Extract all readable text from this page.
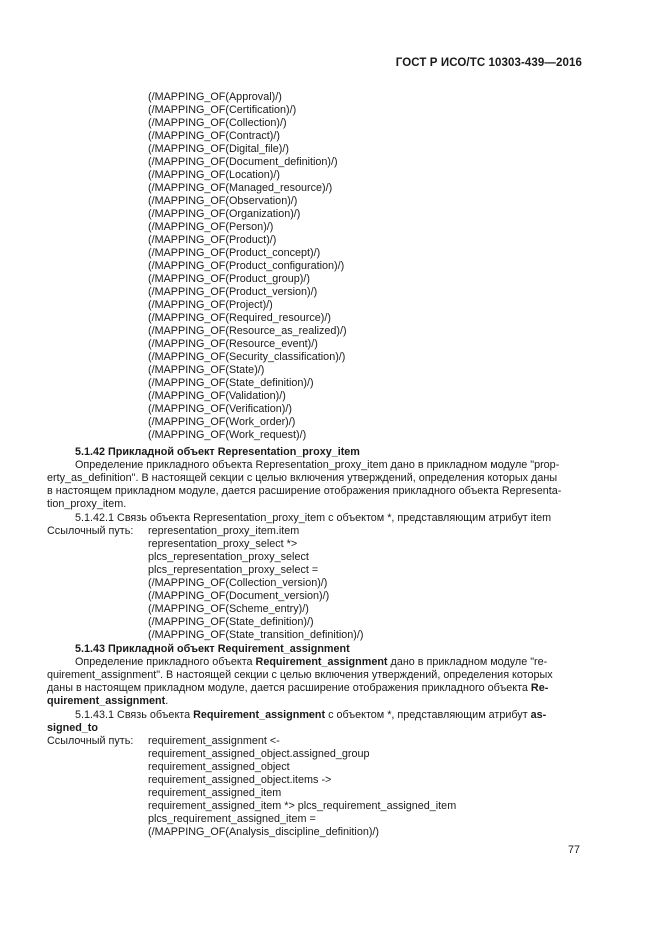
ГОСТ Р ИСО/ТС 10303-439—2016
(/MAPPING_OF(Approval)/)
(/MAPPING_OF(Certification)/)
(/MAPPING_OF(Collection)/)
(/MAPPING_OF(Contract)/)
(/MAPPING_OF(Digital_file)/)
(/MAPPING_OF(Document_definition)/)
(/MAPPING_OF(Location)/)
(/MAPPING_OF(Managed_resource)/)
(/MAPPING_OF(Observation)/)
(/MAPPING_OF(Organization)/)
(/MAPPING_OF(Person)/)
(/MAPPING_OF(Product)/)
(/MAPPING_OF(Product_concept)/)
(/MAPPING_OF(Product_configuration)/)
(/MAPPING_OF(Product_group)/)
(/MAPPING_OF(Product_version)/)
(/MAPPING_OF(Project)/)
(/MAPPING_OF(Required_resource)/)
(/MAPPING_OF(Resource_as_realized)/)
(/MAPPING_OF(Resource_event)/)
(/MAPPING_OF(Security_classification)/)
(/MAPPING_OF(State)/)
(/MAPPING_OF(State_definition)/)
(/MAPPING_OF(Validation)/)
(/MAPPING_OF(Verification)/)
(/MAPPING_OF(Work_order)/)
(/MAPPING_OF(Work_request)/)
5.1.42 Прикладной объект Representation_proxy_item
Определение прикладного объекта Representation_proxy_item дано в прикладном модуле "prop-
erty_as_definition". В настоящей секции с целью включения утверждений, определения которых даны
в настоящем прикладном модуле, дается расширение отображения прикладного объекта Representa-
tion_proxy_item.
5.1.42.1 Связь объекта Representation_proxy_item с объектом *, представляющим атрибут item
Ссылочный путь: representation_proxy_item.item
representation_proxy_select *>
plcs_representation_proxy_select
plcs_representation_proxy_select =
(/MAPPING_OF(Collection_version)/)
(/MAPPING_OF(Document_version)/)
(/MAPPING_OF(Scheme_entry)/)
(/MAPPING_OF(State_definition)/)
(/MAPPING_OF(State_transition_definition)/)
5.1.43 Прикладной объект Requirement_assignment
Определение прикладного объекта Requirement_assignment дано в прикладном модуле "re-
quirement_assignment". В настоящей секции с целью включения утверждений, определения которых
даны в настоящем прикладном модуле, дается расширение отображения прикладного объекта Re-
quirement_assignment.
5.1.43.1 Связь объекта Requirement_assignment с объектом *, представляющим атрибут as-
signed_to
Ссылочный путь: requirement_assignment <-
requirement_assigned_object.assigned_group
requirement_assigned_object
requirement_assigned_object.items ->
requirement_assigned_item
requirement_assigned_item *> plcs_requirement_assigned_item
plcs_requirement_assigned_item =
(/MAPPING_OF(Analysis_discipline_definition)/)
77
